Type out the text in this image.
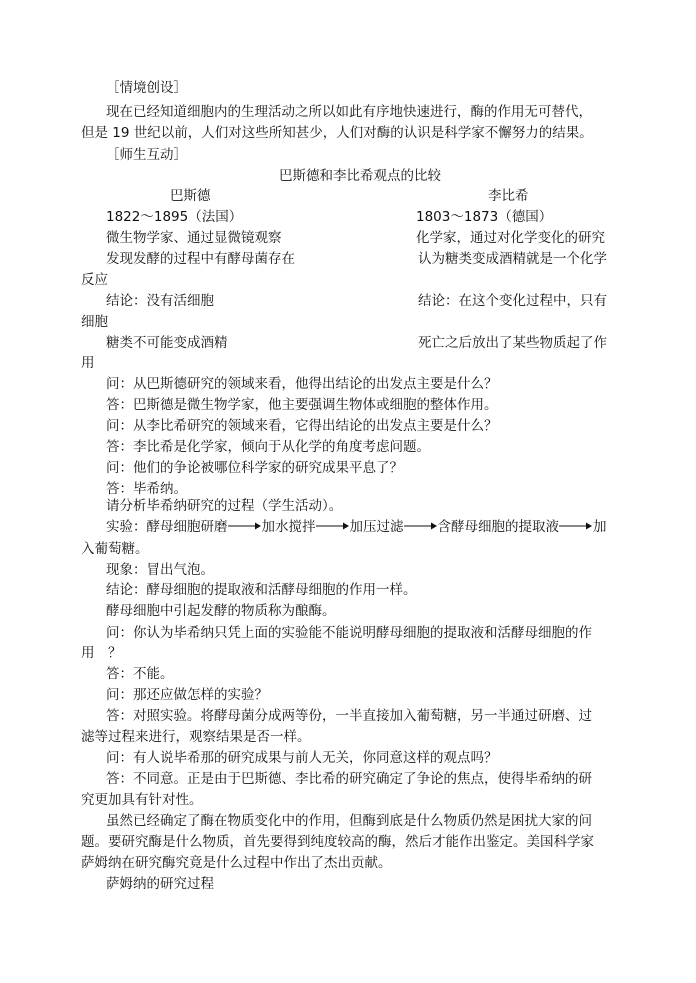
［情境创设］
现在已经知道细胞内的生理活动之所以如此有序地快速进行，酶的作用无可替代，
但是 19 世纪以前，人们对这些所知甚少，人们对酶的认识是科学家不懈努力的结果。
［师生互动］
巴斯德和李比希观点的比较
巴斯德	李比希
1822～1895（法国）	1803～1873（德国）
微生物学家、通过显微镜观察	化学家，通过对化学变化的研究
发现发酵的过程中有酵母菌存在	认为糖类变成酒精就是一个化学
反应
结论：没有活细胞	结论：在这个变化过程中，只有
细胞
糖类不可能变成酒精	死亡之后放出了某些物质起了作
用
问：从巴斯德研究的领域来看，他得出结论的出发点主要是什么？
答：巴斯德是微生物学家，他主要强调生物体或细胞的整体作用。
问：从李比希研究的领域来看，它得出结论的出发点主要是什么？
答：李比希是化学家，倾向于从化学的角度考虑问题。
问：他们的争论被哪位科学家的研究成果平息了？
答：毕希纳。
请分析毕希纳研究的过程（学生活动）。
实验：酵母细胞研磨	加水搅拌	加压过滤	含酵母细胞的提取液	加
入葡萄糖。
现象：冒出气泡。
结论：酵母细胞的提取液和活酵母细胞的作用一样。
酵母细胞中引起发酵的物质称为酿酶。
问：你认为毕希纳只凭上面的实验能不能说明酵母细胞的提取液和活酵母细胞的作
用　？
答：不能。
问：那还应做怎样的实验？
答：对照实验。将酵母菌分成两等份，一半直接加入葡萄糖，另一半通过研磨、过
滤等过程来进行，观察结果是否一样。
问：有人说毕希那的研究成果与前人无关，你同意这样的观点吗？
答：不同意。正是由于巴斯德、李比希的研究确定了争论的焦点，使得毕希纳的研
究更加具有针对性。
虽然已经确定了酶在物质变化中的作用，但酶到底是什么物质仍然是困扰大家的问
题。要研究酶是什么物质，首先要得到纯度较高的酶，然后才能作出鉴定。美国科学家
萨姆纳在研究酶究竟是什么过程中作出了杰出贡献。
萨姆纳的研究过程
